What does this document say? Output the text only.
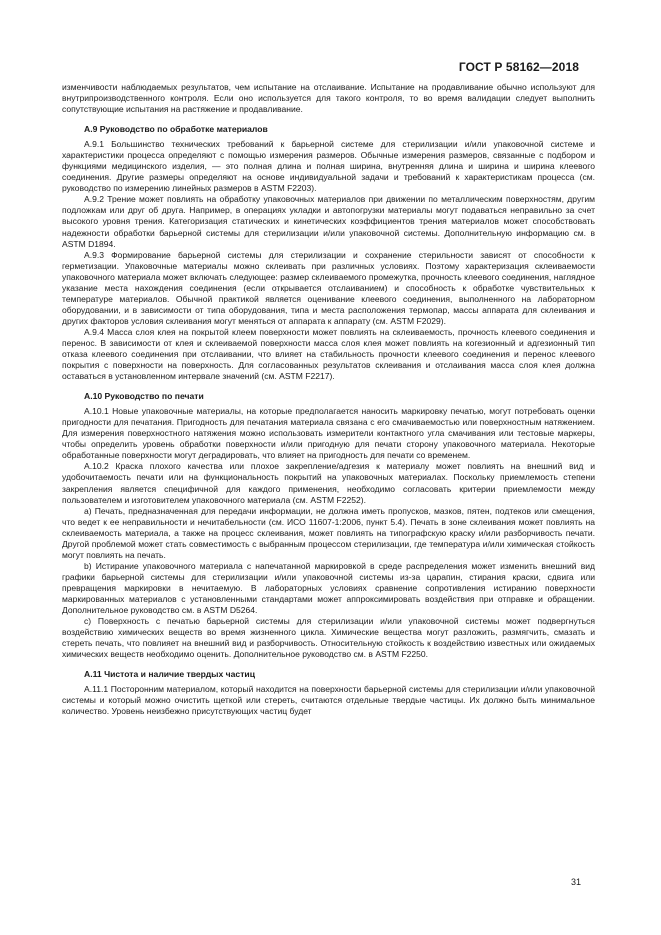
ГОСТ Р 58162—2018

изменчивости наблюдаемых результатов, чем испытание на отслаивание. Испытание на продавливание обычно используют для внутрипроизводственного контроля. Если оно используется для такого контроля, то во время валидации следует выполнить сопутствующие испытания на растяжение и продавливание.

A.9 Руководство по обработке материалов

A.9.1 Большинство технических требований к барьерной системе для стерилизации и/или упаковочной системе и характеристики процесса определяют с помощью измерения размеров. Обычные измерения размеров, связанные с подбором и функциями медицинского изделия, — это полная длина и полная ширина, внутренняя длина и ширина и ширина клеевого соединения. Другие размеры определяют на основе индивидуальной задачи и требований к характеристикам процесса (см. руководство по измерению линейных размеров в ASTM F2203).

A.9.2 Трение может повлиять на обработку упаковочных материалов при движении по металлическим поверхностям, другим подложкам или друг об друга. Например, в операциях укладки и автопогрузки материалы могут подаваться неправильно за счет высокого уровня трения. Категоризация статических и кинетических коэффициентов трения материалов может способствовать надежности обработки барьерной системы для стерилизации и/или упаковочной системы. Дополнительную информацию см. в ASTM D1894.

A.9.3 Формирование барьерной системы для стерилизации и сохранение стерильности зависят от способности к герметизации. Упаковочные материалы можно склеивать при различных условиях. Поэтому характеризация склеиваемости упаковочного материала может включать следующее: размер склеиваемого промежутка, прочность клеевого соединения, наглядное указание места нахождения соединения (если открывается отслаиванием) и способность к обработке чувствительных к температуре материалов. Обычной практикой является оценивание клеевого соединения, выполненного на лабораторном оборудовании, и в зависимости от типа оборудования, типа и места расположения термопар, массы аппарата для склеивания и других факторов условия склеивания могут меняться от аппарата к аппарату (см. ASTM F2029).

A.9.4 Масса слоя клея на покрытой клеем поверхности может повлиять на склеиваемость, прочность клеевого соединения и перенос. В зависимости от клея и склеиваемой поверхности масса слоя клея может повлиять на когезионный и адгезионный тип отказа клеевого соединения при отслаивании, что влияет на стабильность прочности клеевого соединения и перенос клеевого покрытия с поверхности на поверхность. Для согласованных результатов склеивания и отслаивания масса слоя клея должна оставаться в установленном интервале значений (см. ASTM F2217).

A.10 Руководство по печати

A.10.1 Новые упаковочные материалы, на которые предполагается наносить маркировку печатью, могут потребовать оценки пригодности для печатания. Пригодность для печатания материала связана с его смачиваемостью или поверхностным натяжением. Для измерения поверхностного натяжения можно использовать измерители контактного угла смачивания или тестовые маркеры, чтобы определить уровень обработки поверхности и/или пригодную для печати сторону упаковочного материала. Некоторые обработанные поверхности могут деградировать, что влияет на пригодность для печати со временем.

A.10.2 Краска плохого качества или плохое закрепление/адгезия к материалу может повлиять на внешний вид и удобочитаемость печати или на функциональность покрытий на упаковочных материалах. Поскольку приемлемость степени закрепления является специфичной для каждого применения, необходимо согласовать критерии приемлемости между пользователем и изготовителем упаковочного материала (см. ASTM F2252).

a) Печать, предназначенная для передачи информации, не должна иметь пропусков, мазков, пятен, подтеков или смещения, что ведет к ее неправильности и нечитабельности (см. ИСО 11607-1:2006, пункт 5.4). Печать в зоне склеивания может повлиять на склеиваемость материала, а также на процесс склеивания, может повлиять на типографскую краску и/или разборчивость печати. Другой проблемой может стать совместимость с выбранным процессом стерилизации, где температура и/или химическая стойкость могут повлиять на печать.

b) Истирание упаковочного материала с напечатанной маркировкой в среде распределения может изменить внешний вид графики барьерной системы для стерилизации и/или упаковочной системы из-за царапин, стирания краски, сдвига или превращения маркировки в нечитаемую. В лабораторных условиях сравнение сопротивления истиранию поверхности маркированных материалов с установленными стандартами может аппроксимировать воздействия при отправке и обращении. Дополнительное руководство см. в ASTM D5264.

c) Поверхность с печатью барьерной системы для стерилизации и/или упаковочной системы может подвергнуться воздействию химических веществ во время жизненного цикла. Химические вещества могут разложить, размягчить, смазать и стереть печать, что повлияет на внешний вид и разборчивость. Относительную стойкость к воздействию известных или ожидаемых химических веществ необходимо оценить. Дополнительное руководство см. в ASTM F2250.

A.11 Чистота и наличие твердых частиц

A.11.1 Посторонним материалом, который находится на поверхности барьерной системы для стерилизации и/или упаковочной системы и который можно очистить щеткой или стереть, считаются отдельные твердые частицы. Их должно быть минимальное количество. Уровень неизбежно присутствующих частиц будет

31
